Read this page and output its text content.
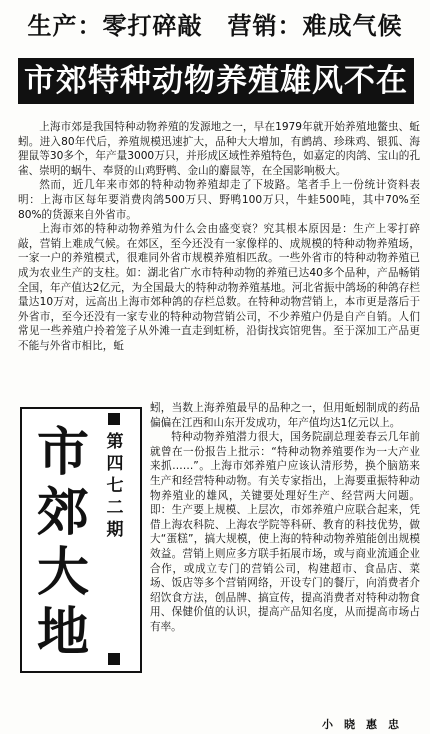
生产：零打碎敲　营销：难成气候
市郊特种动物养殖雄风不在

上海市郊是我国特种动物养殖的发源地之一，早在1979年就开始养殖地鳖虫、蚯蚓。进入80年代后，养殖规模迅速扩大，品种大大增加，有鹧鸪、珍珠鸡、银狐、海狸鼠等30多个，年产量3000万只，并形成区域性养殖特色，如嘉定的肉鸽、宝山的孔雀、崇明的蜗牛、奉贤的山鸡野鸭、金山的麝鼠等，在全国影响极大。

然而，近几年来市郊的特种动物养殖却走了下坡路。笔者手上一份统计资料表明：上海市区每年要消费肉鸽500万只、野鸭100万只，牛蛙500吨，其中70%至80%的货源来自外省市。

上海市郊的特种动物养殖为什么会由盛变衰？究其根本原因是：生产上零打碎敲，营销上难成气候。在郊区，至今还没有一家像样的、成规模的特种动物养殖场，一家一户的养殖模式，很难同外省市规模养殖相匹敌。一些外省市的特种动物养殖已成为农业生产的支柱。如：湖北省广水市特种动物的养殖已达40多个品种，产品畅销全国，年产值达2亿元，为全国最大的特种动物养殖基地。河北省振中鸽场的种鸽存栏量达10万对，远高出上海市郊种鸽的存栏总数。在特种动物营销上，本市更是落后于外省市，至今还没有一家专业的特种动物营销公司，不少养殖户仍是自产自销。人们常见一些养殖户拎着笼子从外滩一直走到虹桥，沿街找宾馆兜售。至于深加工产品更不能与外省市相比，蚯

市
郊
大
地
第
四
七
二
期

蚓，当数上海养殖最早的品种之一，但用蚯蚓制成的药品偏偏在江西和山东开发成功，年产值均达1亿元以上。

特种动物养殖潜力很大，国务院副总理姜春云几年前就曾在一份报告上批示：“特种动物养殖要作为一大产业来抓……”。上海市郊养殖户应该认清形势，换个脑筋来生产和经营特种动物。有关专家指出，上海要重振特种动物养殖业的雄风，关键要处理好生产、经营两大问题。即：生产要上规模、上层次，市郊养殖户应联合起来，凭借上海农科院、上海农学院等科研、教育的科技优势，做大“蛋糕”，搞大规模，使上海的特种动物养殖能创出规模效益。营销上则应多方联手拓展市场，或与商业流通企业合作，或成立专门的营销公司，构建超市、食品店、菜场、饭店等多个营销网络，开设专门的餐厅，向消费者介绍饮食方法，创品牌、搞宣传，提高消费者对特种动物食用、保健价值的认识，提高产品知名度，从而提高市场占有率。

小　晓　惠　忠
